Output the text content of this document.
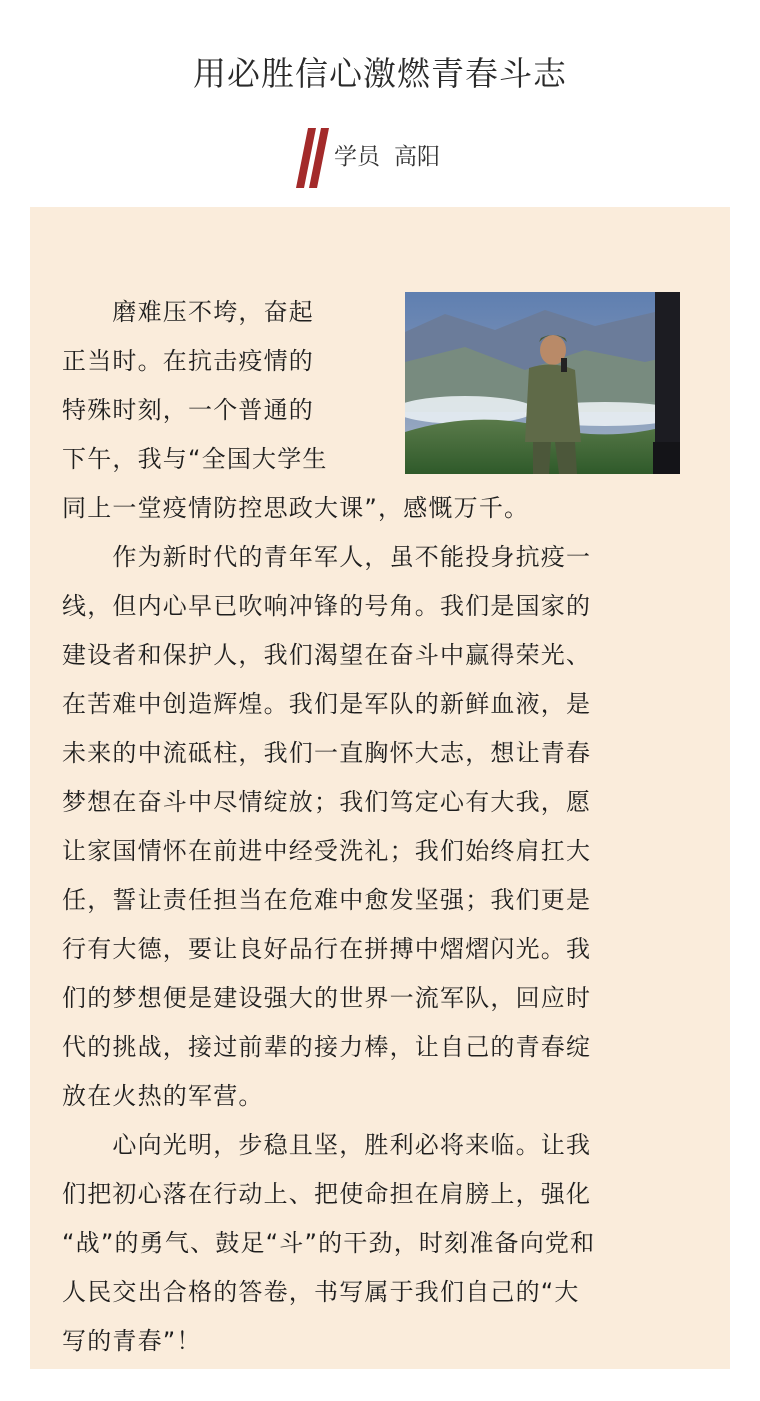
用必胜信心激燃青春斗志
学员 高阳
　　磨难压不垮，奋起
正当时。在抗击疫情的
特殊时刻，一个普通的
下午，我与“全国大学生
同上一堂疫情防控思政大课”，感慨万千。
　　作为新时代的青年军人，虽不能投身抗疫一
线，但内心早已吹响冲锋的号角。我们是国家的
建设者和保护人，我们渴望在奋斗中赢得荣光、
在苦难中创造辉煌。我们是军队的新鲜血液，是
未来的中流砥柱，我们一直胸怀大志，想让青春
梦想在奋斗中尽情绽放；我们笃定心有大我，愿
让家国情怀在前进中经受洗礼；我们始终肩扛大
任，誓让责任担当在危难中愈发坚强；我们更是
行有大德，要让良好品行在拼搏中熠熠闪光。我
们的梦想便是建设强大的世界一流军队，回应时
代的挑战，接过前辈的接力棒，让自己的青春绽
放在火热的军营。
　　心向光明，步稳且坚，胜利必将来临。让我
们把初心落在行动上、把使命担在肩膀上，强化
“战”的勇气、鼓足“斗”的干劲，时刻准备向党和
人民交出合格的答卷，书写属于我们自己的“大
写的青春”！
